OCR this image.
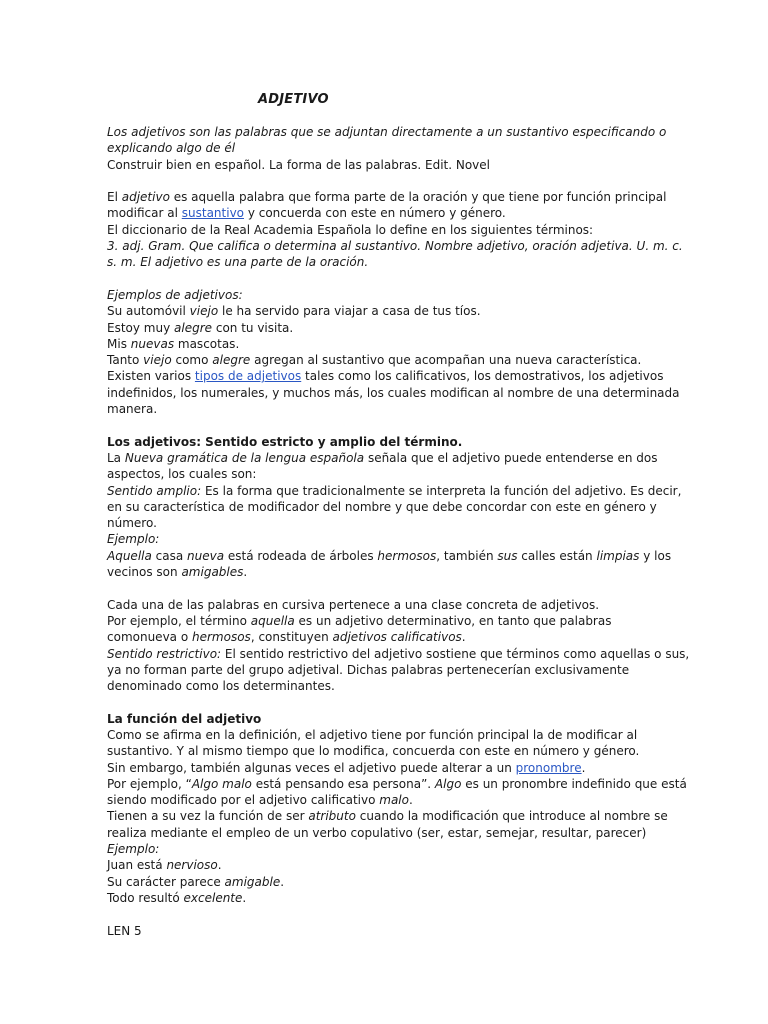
ADJETIVO
Los adjetivos son las palabras que se adjuntan directamente a un sustantivo especificando o
explicando algo de él
Construir bien en español. La forma de las palabras. Edit. Novel
El adjetivo es aquella palabra que forma parte de la oración y que tiene por función principal
modificar al sustantivo y concuerda con este en número y género.
El diccionario de la Real Academia Española lo define en los siguientes términos:
3. adj. Gram. Que califica o determina al sustantivo. Nombre adjetivo, oración adjetiva. U. m. c.
s. m. El adjetivo es una parte de la oración.
Ejemplos de adjetivos:
Su automóvil viejo le ha servido para viajar a casa de tus tíos.
Estoy muy alegre con tu visita.
Mis nuevas mascotas.
Tanto viejo como alegre agregan al sustantivo que acompañan una nueva característica.
Existen varios tipos de adjetivos tales como los calificativos, los demostrativos, los adjetivos
indefinidos, los numerales, y muchos más, los cuales modifican al nombre de una determinada
manera.
Los adjetivos: Sentido estricto y amplio del término.
La Nueva gramática de la lengua española señala que el adjetivo puede entenderse en dos
aspectos, los cuales son:
Sentido amplio: Es la forma que tradicionalmente se interpreta la función del adjetivo. Es decir,
en su característica de modificador del nombre y que debe concordar con este en género y
número.
Ejemplo:
Aquella casa nueva está rodeada de árboles hermosos, también sus calles están limpias y los
vecinos son amigables.
Cada una de las palabras en cursiva pertenece a una clase concreta de adjetivos.
Por ejemplo, el término aquella es un adjetivo determinativo, en tanto que palabras
comonueva o hermosos, constituyen adjetivos calificativos.
Sentido restrictivo: El sentido restrictivo del adjetivo sostiene que términos como aquellas o sus,
ya no forman parte del grupo adjetival. Dichas palabras pertenecerían exclusivamente
denominado como los determinantes.
La función del adjetivo
Como se afirma en la definición, el adjetivo tiene por función principal la de modificar al
sustantivo. Y al mismo tiempo que lo modifica, concuerda con este en número y género.
Sin embargo, también algunas veces el adjetivo puede alterar a un pronombre.
Por ejemplo, “Algo malo está pensando esa persona”. Algo es un pronombre indefinido que está
siendo modificado por el adjetivo calificativo malo.
Tienen a su vez la función de ser atributo cuando la modificación que introduce al nombre se
realiza mediante el empleo de un verbo copulativo (ser, estar, semejar, resultar, parecer)
Ejemplo:
Juan está nervioso.
Su carácter parece amigable.
Todo resultó excelente.
LEN 5
